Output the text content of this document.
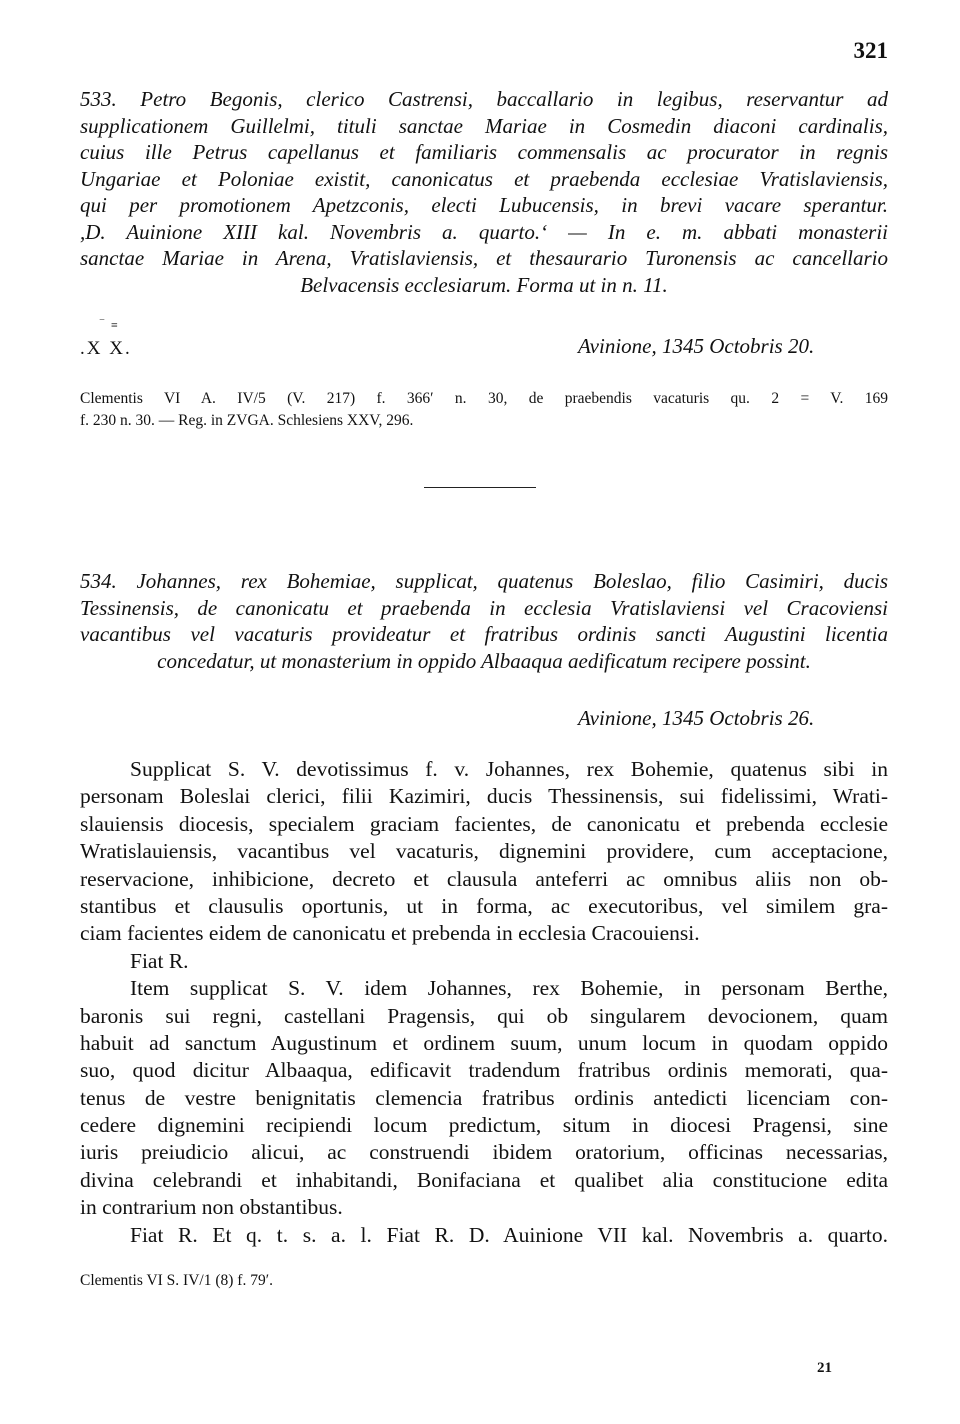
321
533. Petro Begonis, clerico Castrensi, baccallario in legibus, reservantur ad
supplicationem Guillelmi, tituli sanctae Mariae in Cosmedin diaconi cardinalis,
cuius ille Petrus capellanus et familiaris commensalis ac procurator in regnis
Ungariae et Poloniae existit, canonicatus et praebenda ecclesiae Vratislaviensis,
qui per promotionem Apetzconis, electi Lubucensis, in brevi vacare sperantur.
,D. Auinione XIII kal. Novembris a. quarto.‘ — In e. m. abbati monasterii
sanctae Mariae in Arena, Vratislaviensis, et thesaurario Turonensis ac cancellario
Belvacensis ecclesiarum. Forma ut in n. 11.
‾ ≡
.X X.	Avinione, 1345 Octobris 20.
Clementis VI A. IV/5 (V. 217) f. 366′ n. 30, de praebendis vacaturis qu. 2 = V. 169
f. 230 n. 30. — Reg. in ZVGA. Schlesiens XXV, 296.
534. Johannes, rex Bohemiae, supplicat, quatenus Boleslao, filio Casimiri, ducis
Tessinensis, de canonicatu et praebenda in ecclesia Vratislaviensi vel Cracoviensi
vacantibus vel vacaturis provideatur et fratribus ordinis sancti Augustini licentia
concedatur, ut monasterium in oppido Albaaqua aedificatum recipere possint.
Avinione, 1345 Octobris 26.
Supplicat S. V. devotissimus f. v. Johannes, rex Bohemie, quatenus sibi in
personam Boleslai clerici, filii Kazimiri, ducis Thessinensis, sui fidelissimi, Wrati-
slauiensis diocesis, specialem graciam facientes, de canonicatu et prebenda ecclesie
Wratislauiensis, vacantibus vel vacaturis, dignemini providere, cum acceptacione,
reservacione, inhibicione, decreto et clausula anteferri ac omnibus aliis non ob-
stantibus et clausulis oportunis, ut in forma, ac executoribus, vel similem gra-
ciam facientes eidem de canonicatu et prebenda in ecclesia Cracouiensi.
Fiat R.
Item supplicat S. V. idem Johannes, rex Bohemie, in personam Berthe,
baronis sui regni, castellani Pragensis, qui ob singularem devocionem, quam
habuit ad sanctum Augustinum et ordinem suum, unum locum in quodam oppido
suo, quod dicitur Albaaqua, edificavit tradendum fratribus ordinis memorati, qua-
tenus de vestre benignitatis clemencia fratribus ordinis antedicti licenciam con-
cedere dignemini recipiendi locum predictum, situm in diocesi Pragensi, sine
iuris preiudicio alicui, ac construendi ibidem oratorium, officinas necessarias,
divina celebrandi et inhabitandi, Bonifaciana et qualibet alia constitucione edita
in contrarium non obstantibus.
Fiat R. Et q. t. s. a. l. Fiat R. D. Auinione VII kal. Novembris a. quarto.
Clementis VI S. IV/1 (8) f. 79′.
21
